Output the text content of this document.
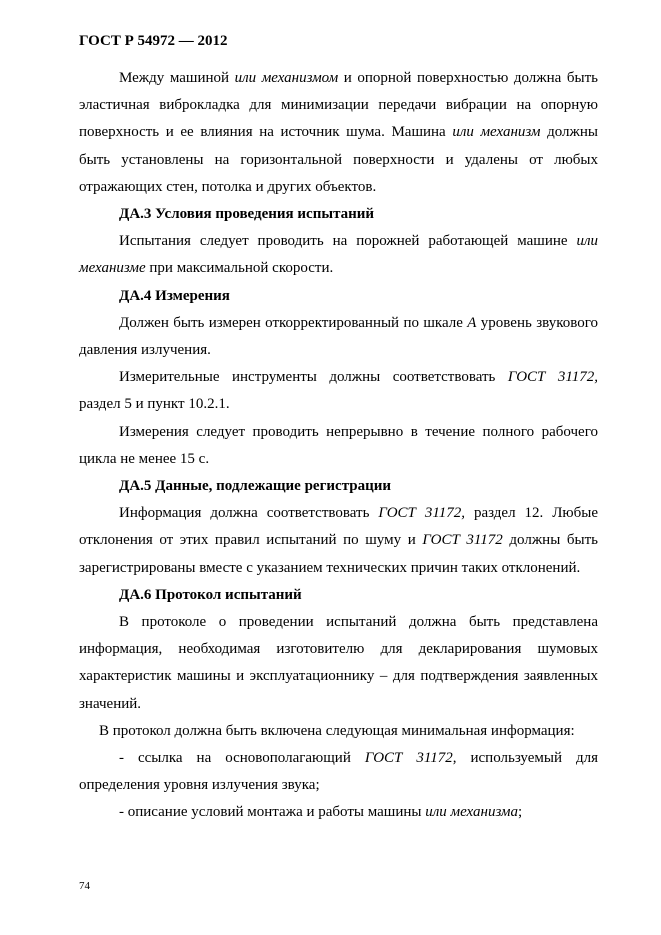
ГОСТ Р 54972 — 2012

Между машиной или механизмом и опорной поверхностью должна быть эластичная виброкладка для минимизации передачи вибрации на опорную поверхность и ее влияния на источник шума. Машина или механизм должны быть установлены на горизонтальной поверхности и удалены от любых отражающих стен, потолка и других объектов.

ДА.3 Условия проведения испытаний

Испытания следует проводить на порожней работающей машине или механизме при максимальной скорости.

ДА.4 Измерения

Должен быть измерен откорректированный по шкале А уровень звукового давления излучения.

Измерительные инструменты должны соответствовать ГОСТ 31172, раздел 5 и пункт 10.2.1.

Измерения следует проводить непрерывно в течение полного рабочего цикла не менее 15 с.

ДА.5 Данные, подлежащие регистрации

Информация должна соответствовать ГОСТ 31172, раздел 12. Любые отклонения от этих правил испытаний по шуму и ГОСТ 31172 должны быть зарегистрированы вместе с указанием технических причин таких отклонений.

ДА.6 Протокол испытаний

В протоколе о проведении испытаний должна быть представлена информация, необходимая изготовителю для декларирования шумовых характеристик машины и эксплуатационнику – для подтверждения заявленных значений.

В протокол должна быть включена следующая минимальная информация:

- ссылка на основополагающий ГОСТ 31172, используемый для определения уровня излучения звука;

- описание условий монтажа и работы машины или механизма;

74
